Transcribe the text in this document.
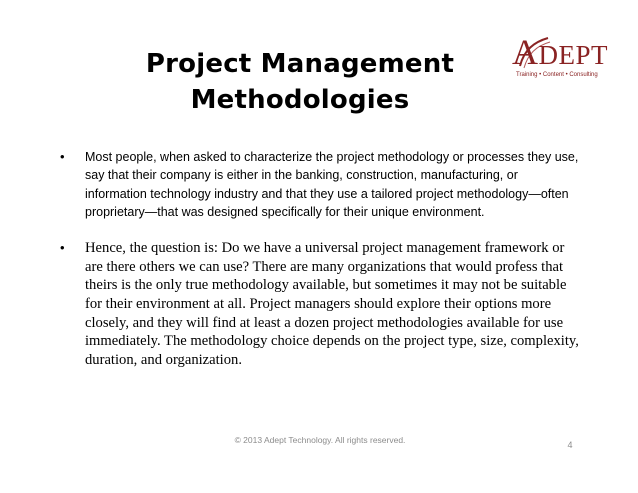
Project Management
Methodologies
ADEPT
Training • Content • Consulting
• Most people, when asked to characterize the project methodology or processes they use, say that their company is either in the banking, construction, manufacturing, or information technology industry and that they use a tailored project methodology—often proprietary—that was designed specifically for their unique environment.
• Hence, the question is: Do we have a universal project management framework or are there others we can use? There are many organizations that would profess that theirs is the only true methodology available, but sometimes it may not be suitable for their environment at all. Project managers should explore their options more closely, and they will find at least a dozen project methodologies available for use immediately. The methodology choice depends on the project type, size, complexity, duration, and organization.
© 2013 Adept Technology. All rights reserved.	4
